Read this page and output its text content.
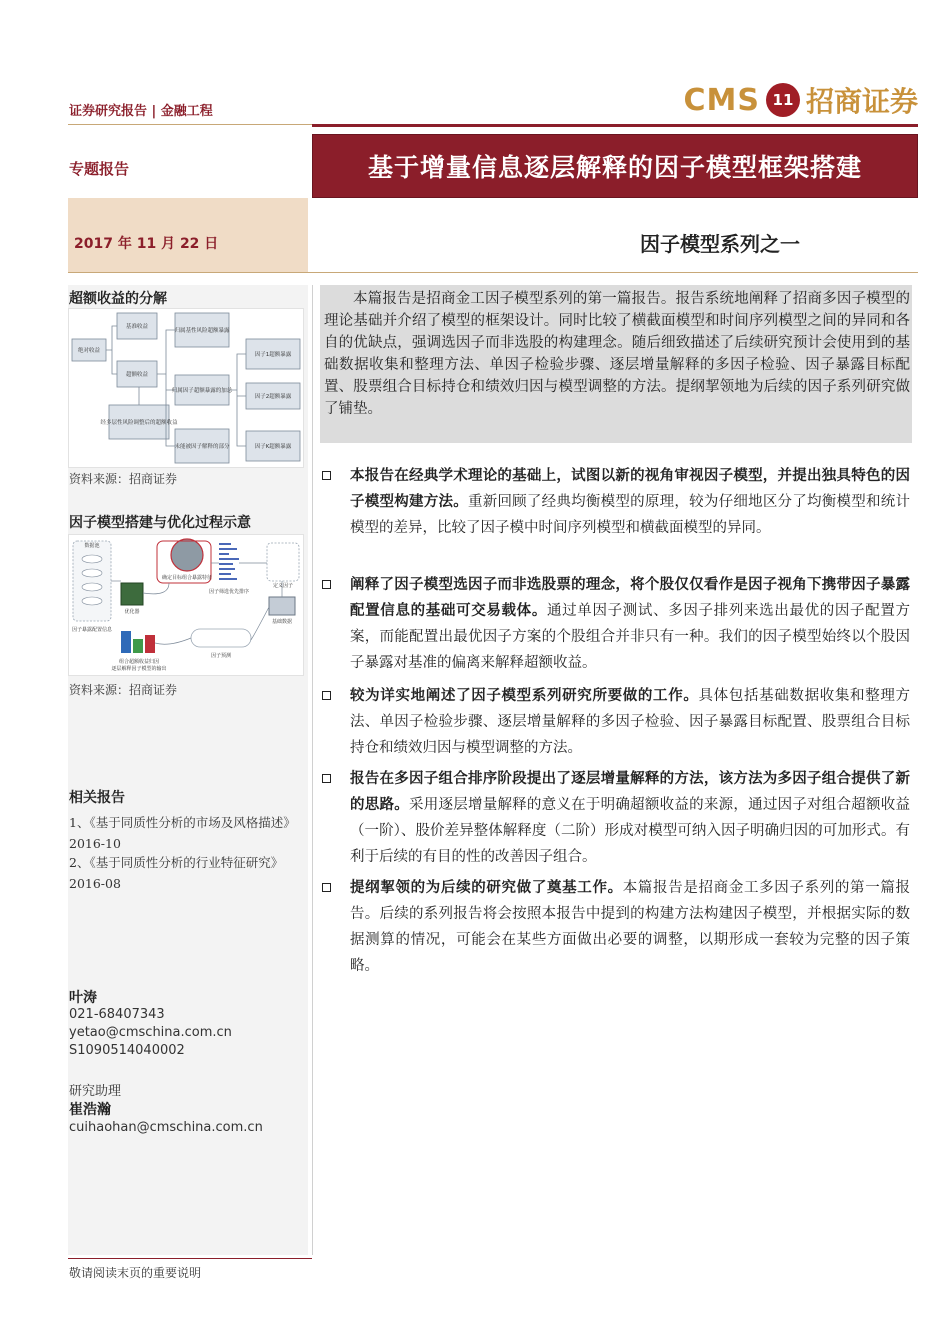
证券研究报告 | 金融工程	CMS 11 招商证券
专题报告	基于增量信息逐层解释的因子模型框架搭建
2017 年 11 月 22 日	因子模型系列之一
超额收益的分解
绝对收益
基准收益
超额收益
归属基性风险超额暴露
归属因子超额暴露的加总
经多层性风险调整后的超额收益
未能被因子解释的部分
因子1超额暴露
因子2超额暴露
因子K超额暴露
资料来源：招商证券
因子模型搭建与优化过程示意
数据池
因子暴露配置信息
确定目标组合暴露特征
优化器
因子筛选优先排序
定义因子
因子预测
基础数据
组合超额收益归因
逐层解释因子模型的输出
资料来源：招商证券
相关报告
1、《基于同质性分析的市场及风格描述》2016-10
2、《基于同质性分析的行业特征研究》2016-08
叶涛
021-68407343
yetao@cmschina.com.cn
S1090514040002
研究助理
崔浩瀚
cuihaohan@cmschina.com.cn
本篇报告是招商金工因子模型系列的第一篇报告。报告系统地阐释了招商多因子模型的理论基础并介绍了模型的框架设计。同时比较了横截面模型和时间序列模型之间的异同和各自的优缺点，强调选因子而非选股的构建理念。随后细致描述了后续研究预计会使用到的基础数据收集和整理方法、单因子检验步骤、逐层增量解释的多因子检验、因子暴露目标配置、股票组合目标持仓和绩效归因与模型调整的方法。提纲挈领地为后续的因子系列研究做了铺垫。
本报告在经典学术理论的基础上，试图以新的视角审视因子模型，并提出独具特色的因子模型构建方法。重新回顾了经典均衡模型的原理，较为仔细地区分了均衡模型和统计模型的差异，比较了因子模中时间序列模型和横截面模型的异同。
阐释了因子模型选因子而非选股票的理念，将个股仅仅看作是因子视角下携带因子暴露配置信息的基础可交易载体。通过单因子测试、多因子排列来选出最优的因子配置方案，而能配置出最优因子方案的个股组合并非只有一种。我们的因子模型始终以个股因子暴露对基准的偏离来解释超额收益。
较为详实地阐述了因子模型系列研究所要做的工作。具体包括基础数据收集和整理方法、单因子检验步骤、逐层增量解释的多因子检验、因子暴露目标配置、股票组合目标持仓和绩效归因与模型调整的方法。
报告在多因子组合排序阶段提出了逐层增量解释的方法，该方法为多因子组合提供了新的思路。采用逐层增量解释的意义在于明确超额收益的来源，通过因子对组合超额收益（一阶）、股价差异整体解释度（二阶）形成对模型可纳入因子明确归因的可加形式。有利于后续的有目的性的改善因子组合。
提纲挈领的为后续的研究做了奠基工作。本篇报告是招商金工多因子系列的第一篇报告。后续的系列报告将会按照本报告中提到的构建方法构建因子模型，并根据实际的数据测算的情况，可能会在某些方面做出必要的调整，以期形成一套较为完整的因子策略。
敬请阅读末页的重要说明
